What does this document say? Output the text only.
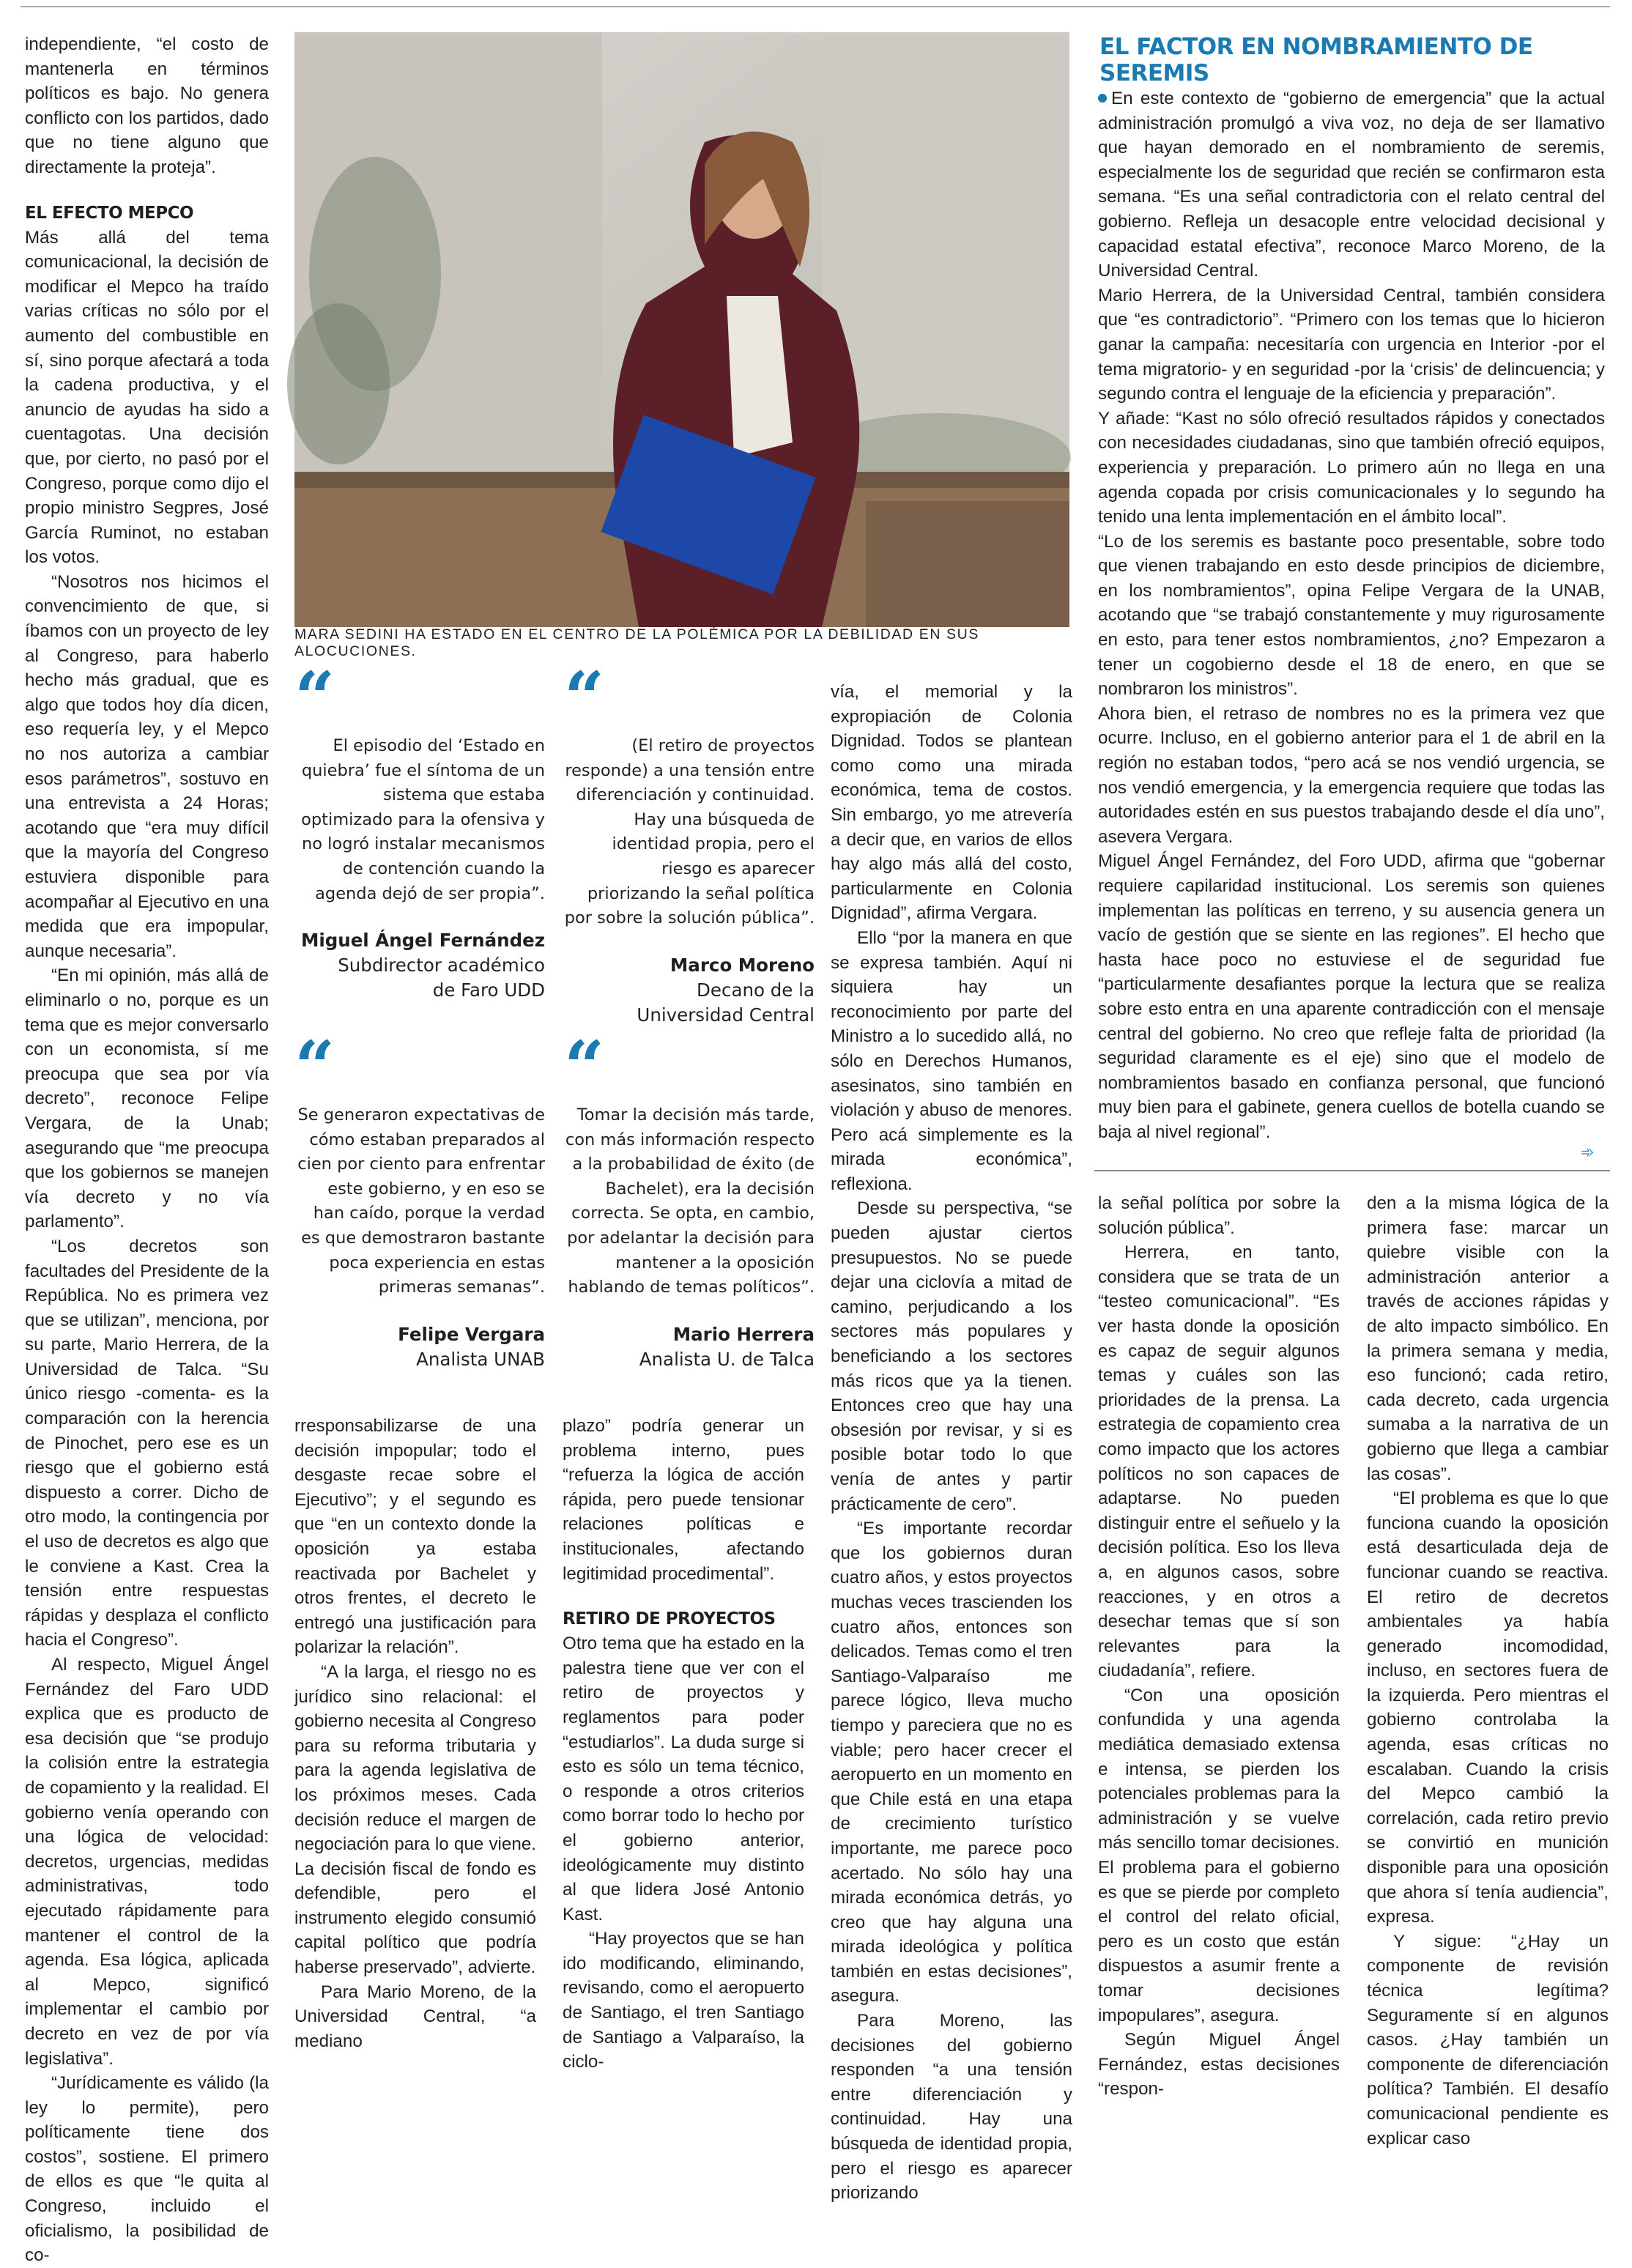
independiente, “el costo de mantenerla en términos políticos es bajo. No genera conflicto con los partidos, dado que no tiene alguno que directamente la proteja”.

EL EFECTO MEPCO

Más allá del tema comunicacional, la decisión de modificar el Mepco ha traído varias críticas no sólo por el aumento del combustible en sí, sino porque afectará a toda la cadena productiva, y el anuncio de ayudas ha sido a cuentagotas. Una decisión que, por cierto, no pasó por el Congreso, porque como dijo el propio ministro Segpres, José García Ruminot, no estaban los votos.

“Nosotros nos hicimos el convencimiento de que, si íbamos con un proyecto de ley al Congreso, para haberlo hecho más gradual, que es algo que todos hoy día dicen, eso requería ley, y el Mepco no nos autoriza a cambiar esos parámetros”, sostuvo en una entrevista a 24 Horas; acotando que “era muy difícil que la mayoría del Congreso estuviera disponible para acompañar al Ejecutivo en una medida que era impopular, aunque necesaria”.

“En mi opinión, más allá de eliminarlo o no, porque es un tema que es mejor conversarlo con un economista, sí me preocupa que sea por vía decreto”, reconoce Felipe Vergara, de la Unab; asegurando que “me preocupa que los gobiernos se manejen vía decreto y no vía parlamento”.

“Los decretos son facultades del Presidente de la República. No es primera vez que se utilizan”, menciona, por su parte, Mario Herrera, de la Universidad de Talca. “Su único riesgo -comenta- es la comparación con la herencia de Pinochet, pero ese es un riesgo que el gobierno está dispuesto a correr. Dicho de otro modo, la contingencia por el uso de decretos es algo que le conviene a Kast. Crea la tensión entre respuestas rápidas y desplaza el conflicto hacia el Congreso”.

Al respecto, Miguel Ángel Fernández del Faro UDD explica que es producto de esa decisión que “se produjo la colisión entre la estrategia de copamiento y la realidad. El gobierno venía operando con una lógica de velocidad: decretos, urgencias, medidas administrativas, todo ejecutado rápidamente para mantener el control de la agenda. Esa lógica, aplicada al Mepco, significó implementar el cambio por decreto en vez de por vía legislativa”.

“Jurídicamente es válido (la ley lo permite), pero políticamente tiene dos costos”, sostiene. El primero de ellos es que “le quita al Congreso, incluido el oficialismo, la posibilidad de co-

MARA SEDINI HA ESTADO EN EL CENTRO DE LA POLÉMICA POR LA DEBILIDAD EN SUS ALOCUCIONES.
“
El episodio del ‘Estado en quiebra’ fue el síntoma de un sistema que estaba optimizado para la ofensiva y no logró instalar mecanismos de contención cuando la agenda dejó de ser propia”.
Miguel Ángel Fernández
Subdirector académico
de Faro UDD
“
(El retiro de proyectos responde) a una tensión entre diferenciación y continuidad. Hay una búsqueda de identidad propia, pero el riesgo es aparecer priorizando la señal política por sobre la solución pública”.
Marco Moreno
Decano de la
Universidad Central
“
Se generaron expectativas de cómo estaban preparados al cien por ciento para enfrentar este gobierno, y en eso se han caído, porque la verdad es que demostraron bastante poca experiencia en estas primeras semanas”.
Felipe Vergara
Analista UNAB
“
Tomar la decisión más tarde, con más información respecto a la probabilidad de éxito (de Bachelet), era la decisión correcta. Se opta, en cambio, por adelantar la decisión para mantener a la oposición hablando de temas políticos”.
Mario Herrera
Analista U. de Talca

rresponsabilizarse de una decisión impopular; todo el desgaste recae sobre el Ejecutivo”; y el segundo es que “en un contexto donde la oposición ya estaba reactivada por Bachelet y otros frentes, el decreto le entregó una justificación para polarizar la relación”.

“A la larga, el riesgo no es jurídico sino relacional: el gobierno necesita al Congreso para su reforma tributaria y para la agenda legislativa de los próximos meses. Cada decisión reduce el margen de negociación para lo que viene. La decisión fiscal de fondo es defendible, pero el instrumento elegido consumió capital político que podría haberse preservado”, advierte.

Para Mario Moreno, de la Universidad Central, “a mediano

plazo” podría generar un problema interno, pues “refuerza la lógica de acción rápida, pero puede tensionar relaciones políticas e institucionales, afectando legitimidad procedimental”.

RETIRO DE PROYECTOS

Otro tema que ha estado en la palestra tiene que ver con el retiro de proyectos y reglamentos para poder “estudiarlos”. La duda surge si esto es sólo un tema técnico, o responde a otros criterios como borrar todo lo hecho por el gobierno anterior, ideológicamente muy distinto al que lidera José Antonio Kast.

“Hay proyectos que se han ido modificando, eliminando, revisando, como el aeropuerto de Santiago, el tren Santiago de Santiago a Valparaíso, la ciclo-

vía, el memorial y la expropiación de Colonia Dignidad. Todos se plantean como como una mirada económica, tema de costos. Sin embargo, yo me atrevería a decir que, en varios de ellos hay algo más allá del costo, particularmente en Colonia Dignidad”, afirma Vergara.

Ello “por la manera en que se expresa también. Aquí ni siquiera hay un reconocimiento por parte del Ministro a lo sucedido allá, no sólo en Derechos Humanos, asesinatos, sino también en violación y abuso de menores. Pero acá simplemente es la mirada económica”, reflexiona.

Desde su perspectiva, “se pueden ajustar ciertos presupuestos. No se puede dejar una ciclovía a mitad de camino, perjudicando a los sectores más populares y beneficiando a los sectores más ricos que ya la tienen. Entonces creo que hay una obsesión por revisar, y si es posible botar todo lo que venía de antes y partir prácticamente de cero”.

“Es importante recordar que los gobiernos duran cuatro años, y estos proyectos muchas veces trascienden los cuatro años, entonces son delicados. Temas como el tren Santiago-Valparaíso me parece lógico, lleva mucho tiempo y pareciera que no es viable; pero hacer crecer el aeropuerto en un momento en que Chile está en una etapa de crecimiento turístico importante, me parece poco acertado. No sólo hay una mirada económica detrás, yo creo que hay alguna una mirada ideológica y política también en estas decisiones”, asegura.

Para Moreno, las decisiones del gobierno responden “a una tensión entre diferenciación y continuidad. Hay una búsqueda de identidad propia, pero el riesgo es aparecer priorizando

EL FACTOR EN NOMBRAMIENTO DE SEREMIS

En este contexto de “gobierno de emergencia” que la actual administración promulgó a viva voz, no deja de ser llamativo que hayan demorado en el nombramiento de seremis, especialmente los de seguridad que recién se confirmaron esta semana. “Es una señal contradictoria con el relato central del gobierno. Refleja un desacople entre velocidad decisional y capacidad estatal efectiva”, reconoce Marco Moreno, de la Universidad Central.

Mario Herrera, de la Universidad Central, también considera que “es contradictorio”. “Primero con los temas que lo hicieron ganar la campaña: necesitaría con urgencia en Interior -por el tema migratorio- y en seguridad -por la ‘crisis’ de delincuencia; y segundo contra el lenguaje de la eficiencia y preparación”.

Y añade: “Kast no sólo ofreció resultados rápidos y conectados con necesidades ciudadanas, sino que también ofreció equipos, experiencia y preparación. Lo primero aún no llega en una agenda copada por crisis comunicacionales y lo segundo ha tenido una lenta implementación en el ámbito local”.

“Lo de los seremis es bastante poco presentable, sobre todo que vienen trabajando en esto desde principios de diciembre, en los nombramientos”, opina Felipe Vergara de la UNAB, acotando que “se trabajó constantemente y muy rigurosamente en esto, para tener estos nombramientos, ¿no? Empezaron a tener un cogobierno desde el 18 de enero, en que se nombraron los ministros”.

Ahora bien, el retraso de nombres no es la primera vez que ocurre. Incluso, en el gobierno anterior para el 1 de abril en la región no estaban todos, “pero acá se nos vendió urgencia, se nos vendió emergencia, y la emergencia requiere que todas las autoridades estén en sus puestos trabajando desde el día uno”, asevera Vergara.

Miguel Ángel Fernández, del Foro UDD, afirma que “gobernar requiere capilaridad institucional. Los seremis son quienes implementan las políticas en terreno, y su ausencia genera un vacío de gestión que se siente en las regiones”. El hecho que hasta hace poco no estuviese el de seguridad fue “particularmente desafiantes porque la lectura que se realiza sobre esto entra en una aparente contradicción con el mensaje central del gobierno. No creo que refleje falta de prioridad (la seguridad claramente es el eje) sino que el modelo de nombramientos basado en confianza personal, que funcionó muy bien para el gabinete, genera cuellos de botella cuando se baja al nivel regional”.

➾

la señal política por sobre la solución pública”.

Herrera, en tanto, considera que se trata de un “testeo comunicacional”. “Es ver hasta donde la oposición es capaz de seguir algunos temas y cuáles son las prioridades de la prensa. La estrategia de copamiento crea como impacto que los actores políticos no son capaces de adaptarse. No pueden distinguir entre el señuelo y la decisión política. Eso los lleva a, en algunos casos, sobre reacciones, y en otros a desechar temas que sí son relevantes para la ciudadanía”, refiere.

“Con una oposición confundida y una agenda mediática demasiado extensa e intensa, se pierden los potenciales problemas para la administración y se vuelve más sencillo tomar decisiones. El problema para el gobierno es que se pierde por completo el control del relato oficial, pero es un costo que están dispuestos a asumir frente a tomar decisiones impopulares”, asegura.

Según Miguel Ángel Fernández, estas decisiones “respon-

den a la misma lógica de la primera fase: marcar un quiebre visible con la administración anterior a través de acciones rápidas y de alto impacto simbólico. En la primera semana y media, eso funcionó; cada retiro, cada decreto, cada urgencia sumaba a la narrativa de un gobierno que llega a cambiar las cosas”.

“El problema es que lo que funciona cuando la oposición está desarticulada deja de funcionar cuando se reactiva. El retiro de decretos ambientales ya había generado incomodidad, incluso, en sectores fuera de la izquierda. Pero mientras el gobierno controlaba la agenda, esas críticas no escalaban. Cuando la crisis del Mepco cambió la correlación, cada retiro previo se convirtió en munición disponible para una oposición que ahora sí tenía audiencia”, expresa.

Y sigue: “¿Hay un componente de revisión técnica legítima? Seguramente sí en algunos casos. ¿Hay también un componente de diferenciación política? También. El desafío comunicacional pendiente es explicar caso
